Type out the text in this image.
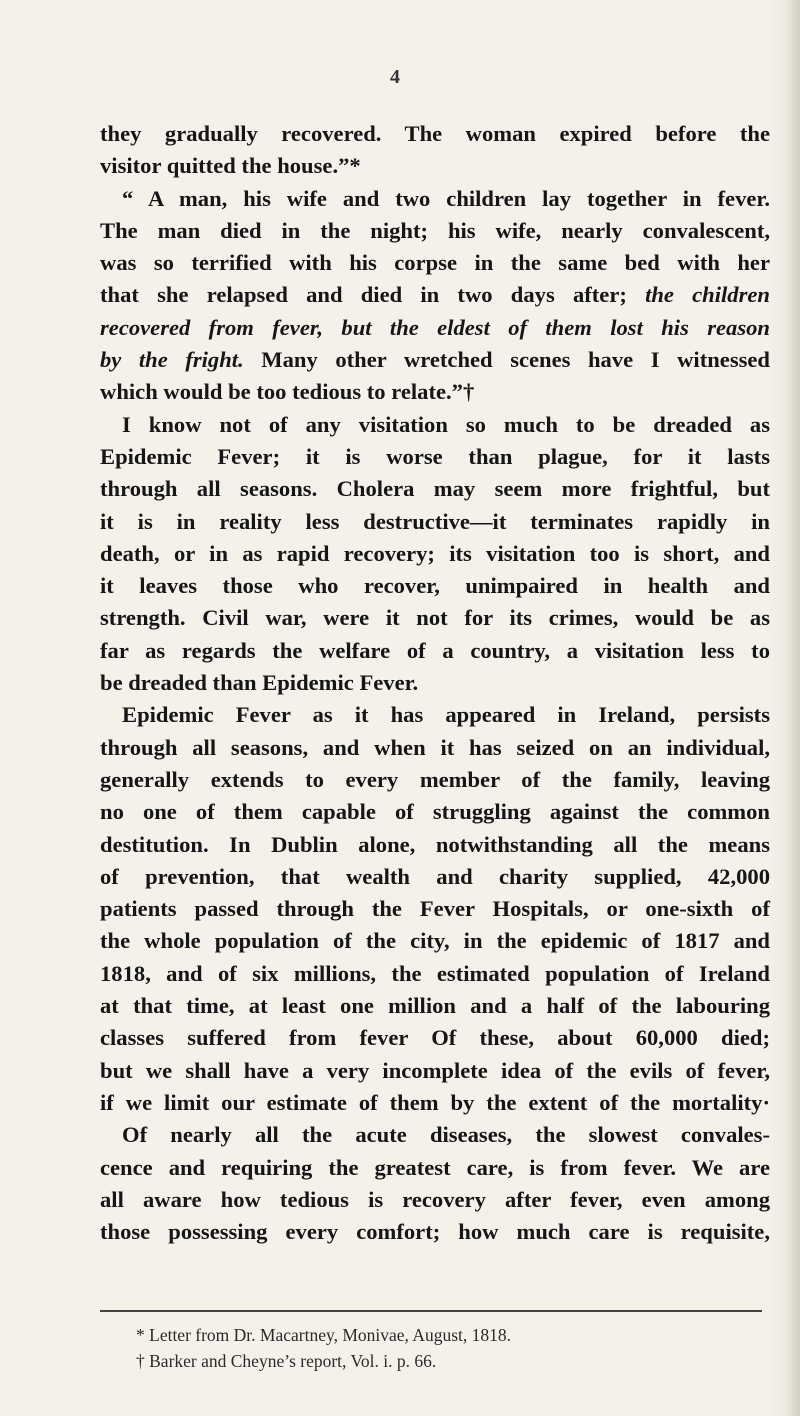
4
they gradually recovered. The woman expired before the
visitor quitted the house.”*
“ A man, his wife and two children lay together in fever.
The man died in the night; his wife, nearly convalescent,
was so terrified with his corpse in the same bed with her
that she relapsed and died in two days after; the children
recovered from fever, but the eldest of them lost his reason
by the fright. Many other wretched scenes have I witnessed
which would be too tedious to relate.”†
I know not of any visitation so much to be dreaded as
Epidemic Fever; it is worse than plague, for it lasts
through all seasons. Cholera may seem more frightful, but
it is in reality less destructive—it terminates rapidly in
death, or in as rapid recovery; its visitation too is short, and
it leaves those who recover, unimpaired in health and
strength. Civil war, were it not for its crimes, would be as
far as regards the welfare of a country, a visitation less to
be dreaded than Epidemic Fever.
Epidemic Fever as it has appeared in Ireland, persists
through all seasons, and when it has seized on an individual,
generally extends to every member of the family, leaving
no one of them capable of struggling against the common
destitution. In Dublin alone, notwithstanding all the means
of prevention, that wealth and charity supplied, 42,000
patients passed through the Fever Hospitals, or one-sixth of
the whole population of the city, in the epidemic of 1817 and
1818, and of six millions, the estimated population of Ireland
at that time, at least one million and a half of the labouring
classes suffered from fever Of these, about 60,000 died;
but we shall have a very incomplete idea of the evils of fever,
if we limit our estimate of them by the extent of the mortality·
Of nearly all the acute diseases, the slowest convales-
cence and requiring the greatest care, is from fever. We are
all aware how tedious is recovery after fever, even among
those possessing every comfort; how much care is requisite,
* Letter from Dr. Macartney, Monivae, August, 1818.
† Barker and Cheyne’s report, Vol. i. p. 66.
